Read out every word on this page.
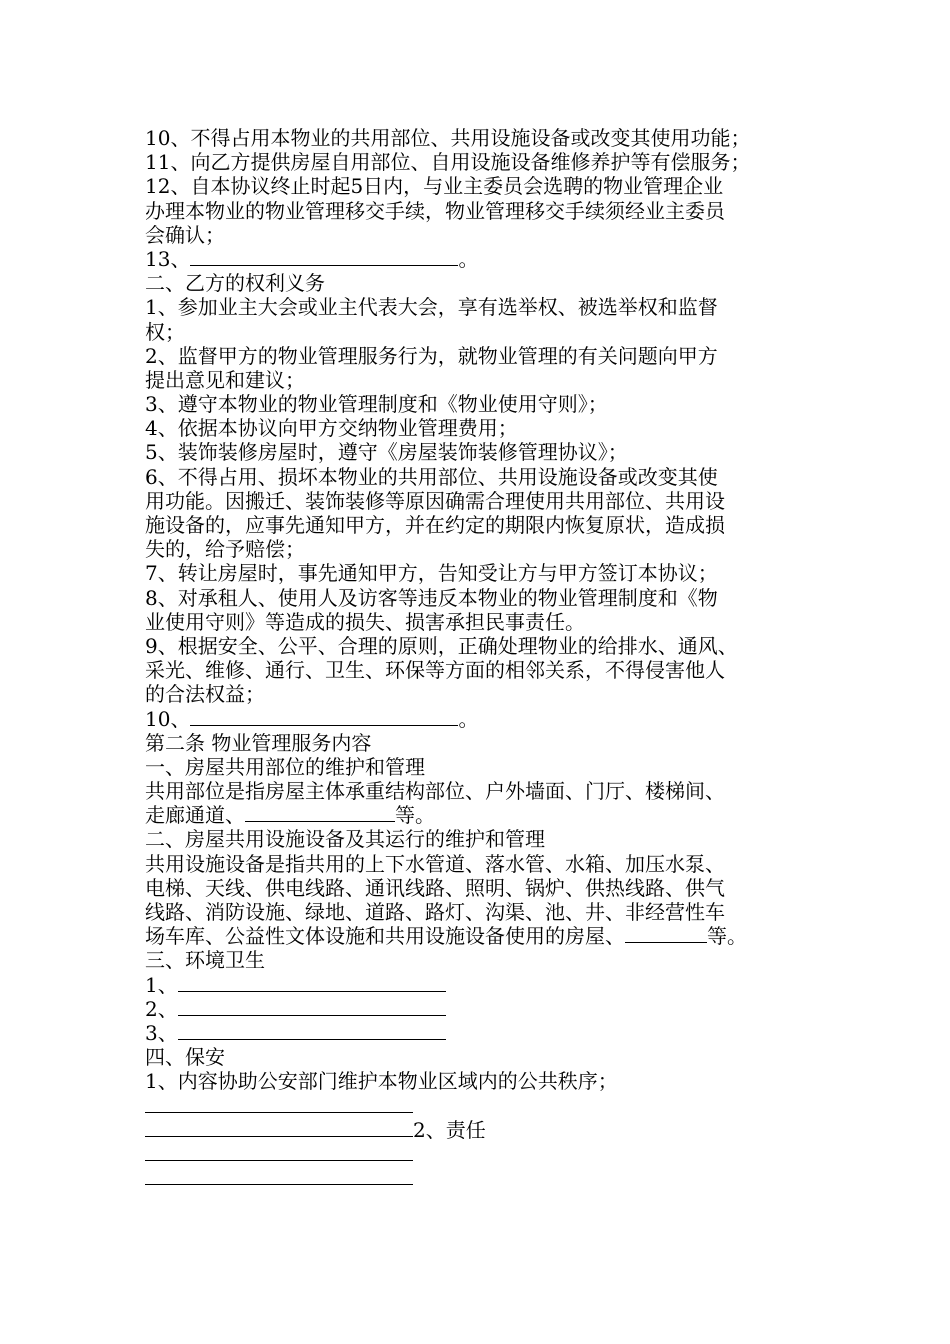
10、不得占用本物业的共用部位、共用设施设备或改变其使用功能；
11、向乙方提供房屋自用部位、自用设施设备维修养护等有偿服务；
12、自本协议终止时起5日内，与业主委员会选聘的物业管理企业
办理本物业的物业管理移交手续，物业管理移交手续须经业主委员
会确认；
13、	。
二、乙方的权利义务
1、参加业主大会或业主代表大会，享有选举权、被选举权和监督
权；
2、监督甲方的物业管理服务行为，就物业管理的有关问题向甲方
提出意见和建议；
3、遵守本物业的物业管理制度和《物业使用守则》；
4、依据本协议向甲方交纳物业管理费用；
5、装饰装修房屋时，遵守《房屋装饰装修管理协议》；
6、不得占用、损坏本物业的共用部位、共用设施设备或改变其使
用功能。因搬迁、装饰装修等原因确需合理使用共用部位、共用设
施设备的，应事先通知甲方，并在约定的期限内恢复原状，造成损
失的，给予赔偿；
7、转让房屋时，事先通知甲方，告知受让方与甲方签订本协议；
8、对承租人、使用人及访客等违反本物业的物业管理制度和《物
业使用守则》等造成的损失、损害承担民事责任。
9、根据安全、公平、合理的原则，正确处理物业的给排水、通风、
采光、维修、通行、卫生、环保等方面的相邻关系，不得侵害他人
的合法权益；
10、	。
第二条 物业管理服务内容
一、房屋共用部位的维护和管理
共用部位是指房屋主体承重结构部位、户外墙面、门厅、楼梯间、
走廊通道、	等。
二、房屋共用设施设备及其运行的维护和管理
共用设施设备是指共用的上下水管道、落水管、水箱、加压水泵、
电梯、天线、供电线路、通讯线路、照明、锅炉、供热线路、供气
线路、消防设施、绿地、道路、路灯、沟渠、池、井、非经营性车
场车库、公益性文体设施和共用设施设备使用的房屋、	等。
三、环境卫生
1、
2、
3、
四、保安
1、内容协助公安部门维护本物业区域内的公共秩序；
2、责任
